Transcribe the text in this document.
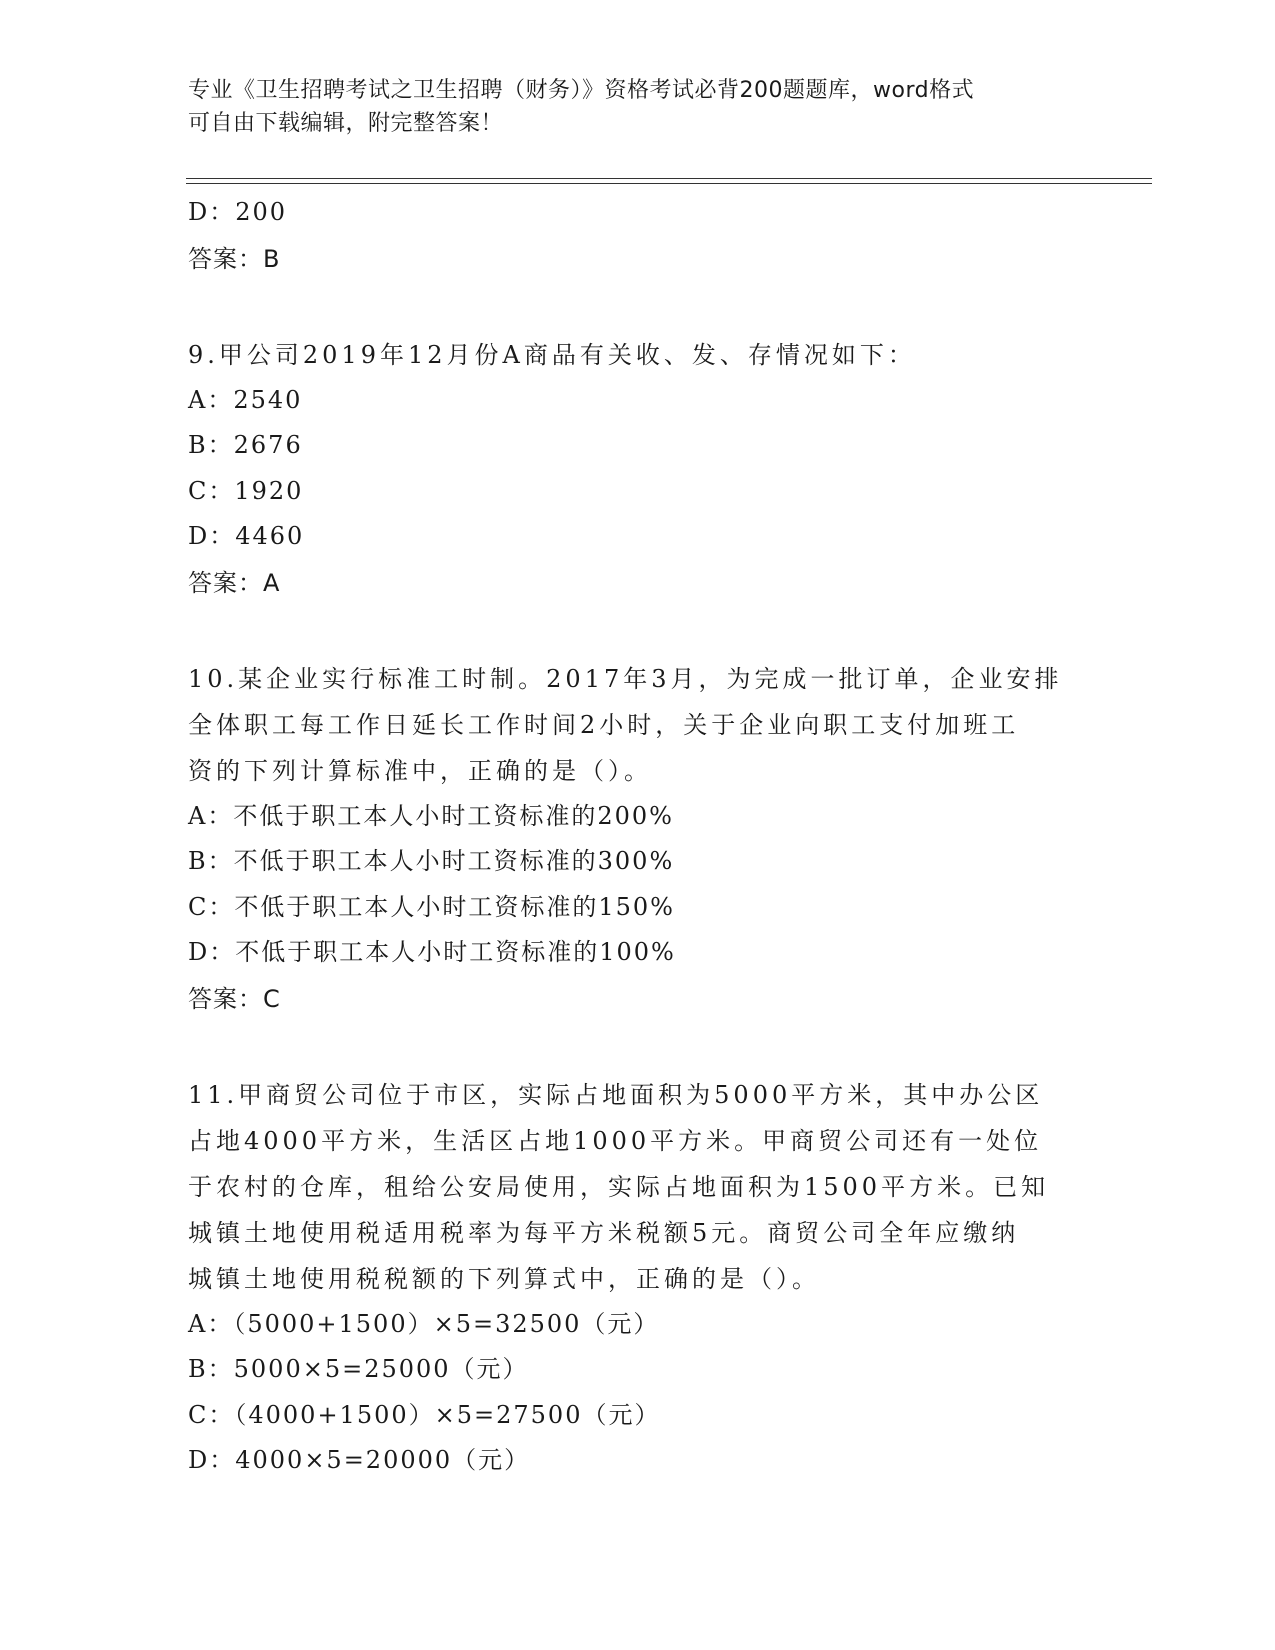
专业《卫生招聘考试之卫生招聘（财务）》资格考试必背200题题库，word格式
可自由下载编辑，附完整答案！
D：200
答案：B
9.甲公司2019年12月份A商品有关收、发、存情况如下：
A：2540
B：2676
C：1920
D：4460
答案：A
10.某企业实行标准工时制。2017年3月，为完成一批订单，企业安排
全体职工每工作日延长工作时间2小时，关于企业向职工支付加班工
资的下列计算标准中，正确的是（）。
A：不低于职工本人小时工资标准的200%
B：不低于职工本人小时工资标准的300%
C：不低于职工本人小时工资标准的150%
D：不低于职工本人小时工资标准的100%
答案：C
11.甲商贸公司位于市区，实际占地面积为5000平方米，其中办公区
占地4000平方米，生活区占地1000平方米。甲商贸公司还有一处位
于农村的仓库，租给公安局使用，实际占地面积为1500平方米。已知
城镇土地使用税适用税率为每平方米税额5元。商贸公司全年应缴纳
城镇土地使用税税额的下列算式中，正确的是（）。
A：（5000+1500）×5=32500（元）
B：5000×5=25000（元）
C：（4000+1500）×5=27500（元）
D：4000×5=20000（元）
